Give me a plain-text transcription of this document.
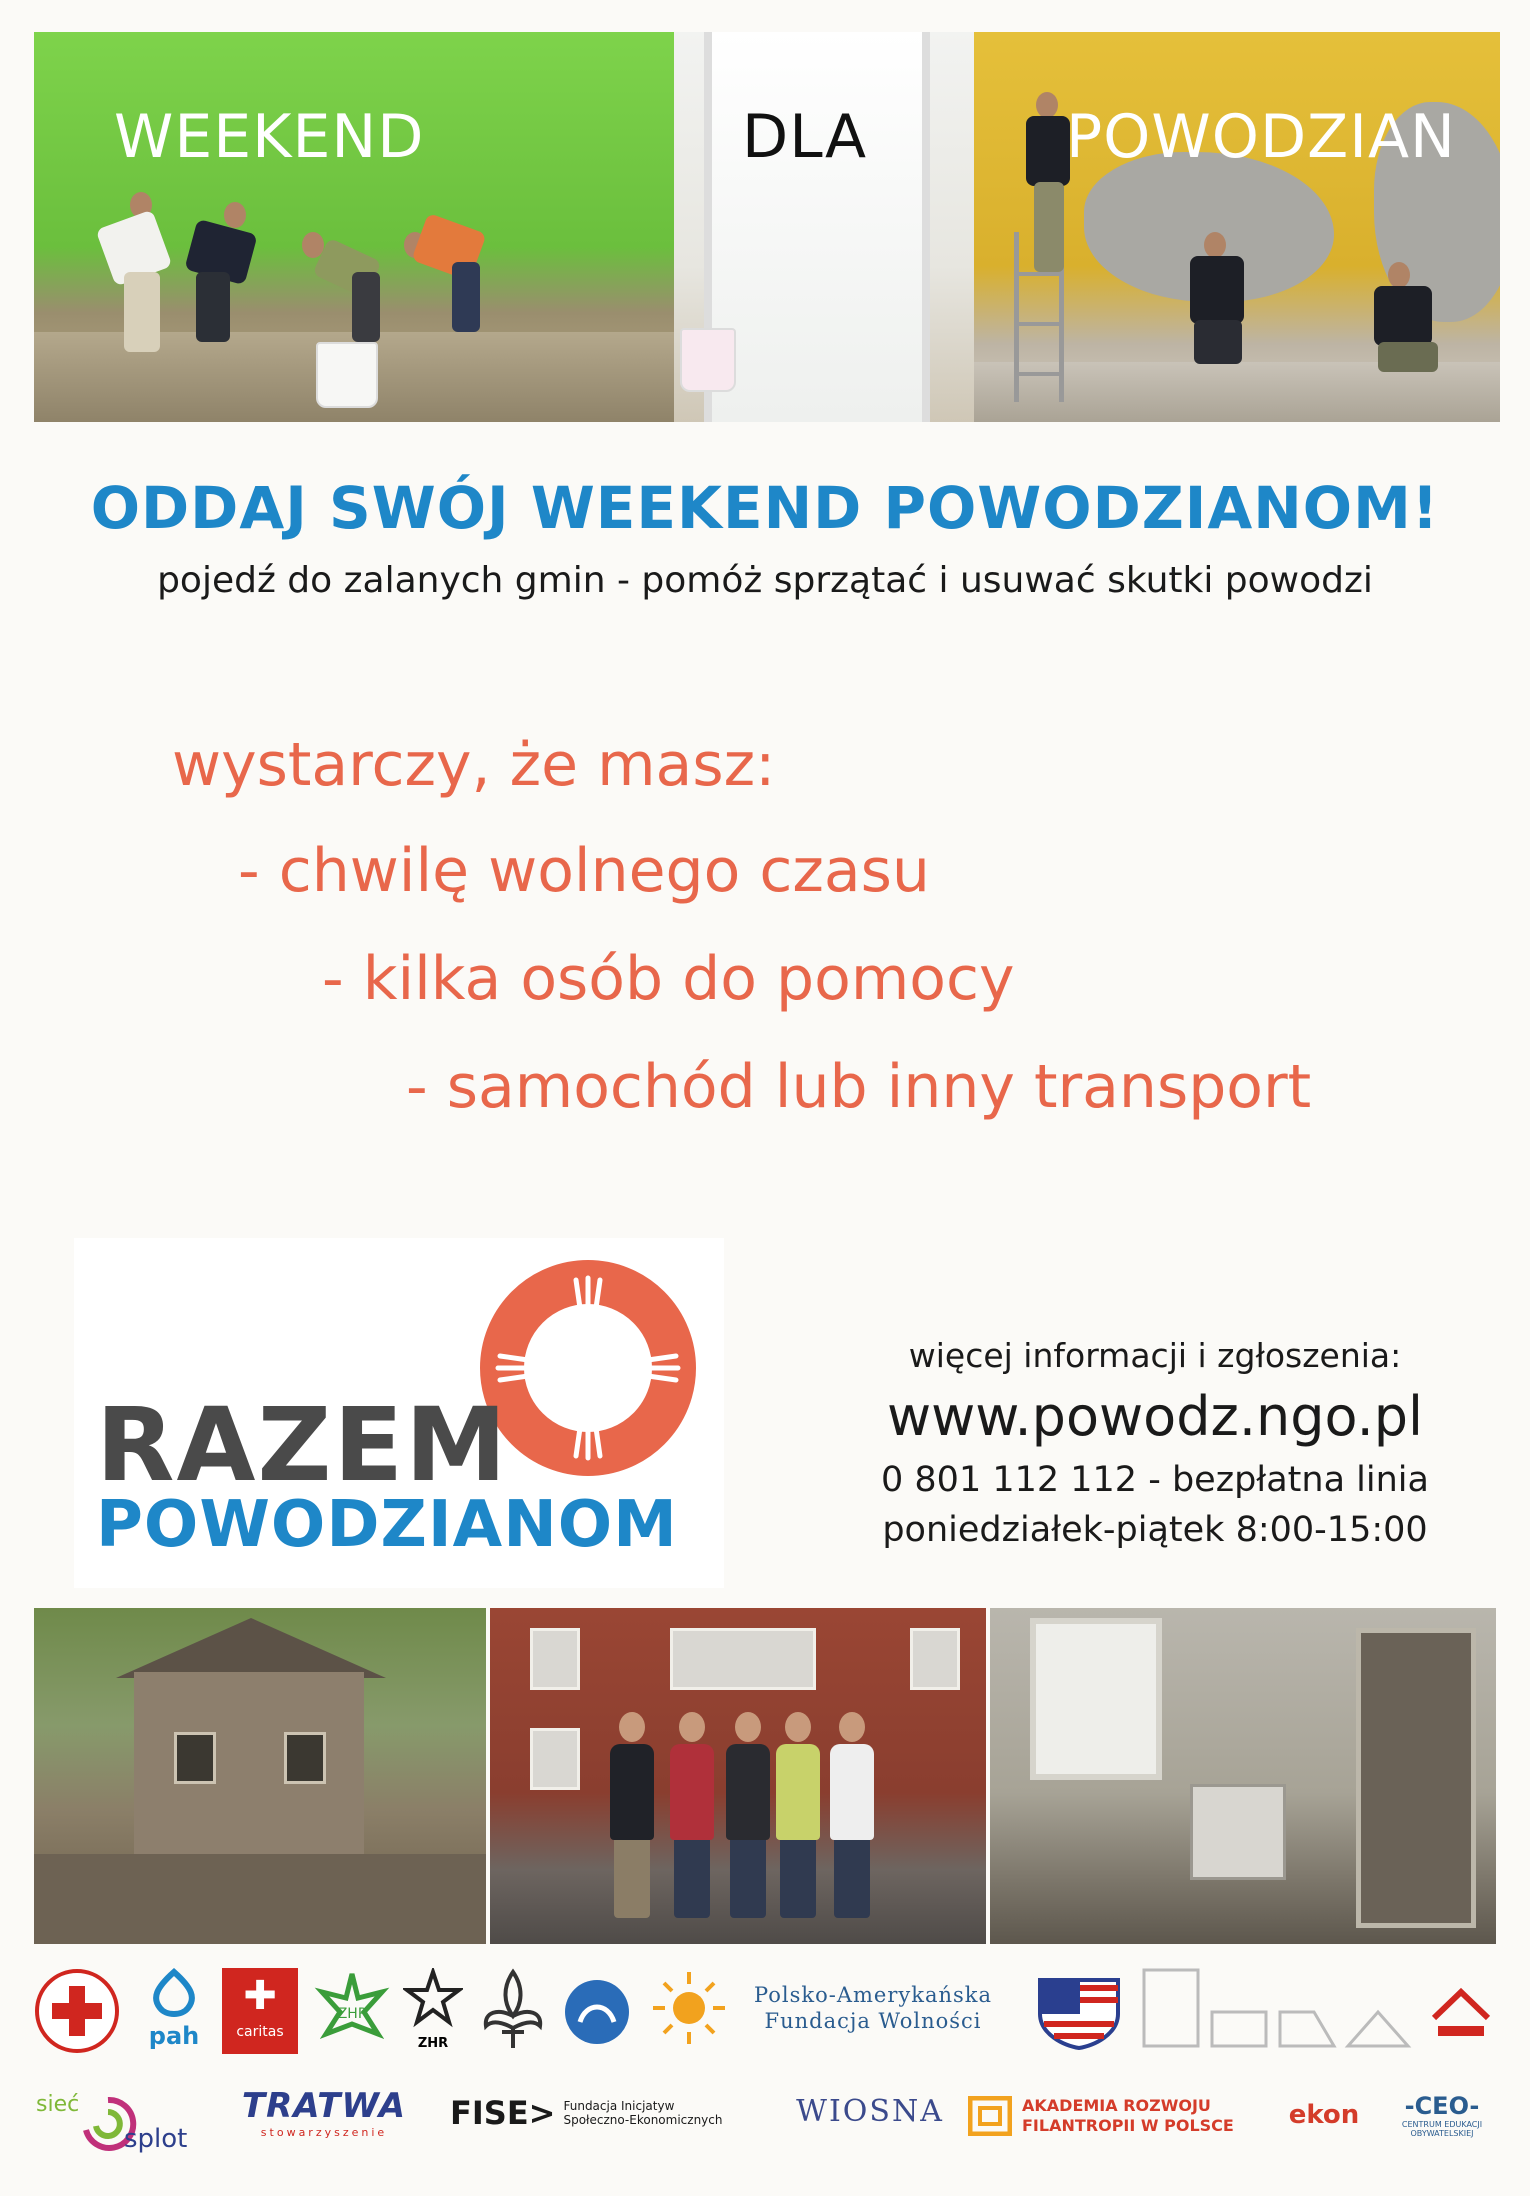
WEEKEND	DLA	POWODZIAN
ODDAJ SWÓJ WEEKEND POWODZIANOM!
pojedź do zalanych gmin - pomóż sprzątać i usuwać skutki powodzi
wystarczy, że masz:
- chwilę wolnego czasu
- kilka osób do pomocy
- samochód lub inny transport
RAZEM
POWODZIANOM
więcej informacji i zgłoszenia:
www.powodz.ngo.pl
0 801 112 112 - bezpłatna linia
poniedziałek-piątek 8:00-15:00
pah
✚
caritas
ZHP
ZHR
Polsko-Amerykańska
Fundacja Wolności
sieć
splot
TRATWA
stowarzyszenie
FISE> Fundacja Inicjatyw
Społeczno-Ekonomicznych	WIOSNA	AKADEMIA ROZWOJU
FILANTROPII W POLSCE	ekon	-CEO-
CENTRUM EDUKACJI OBYWATELSKIEJ
